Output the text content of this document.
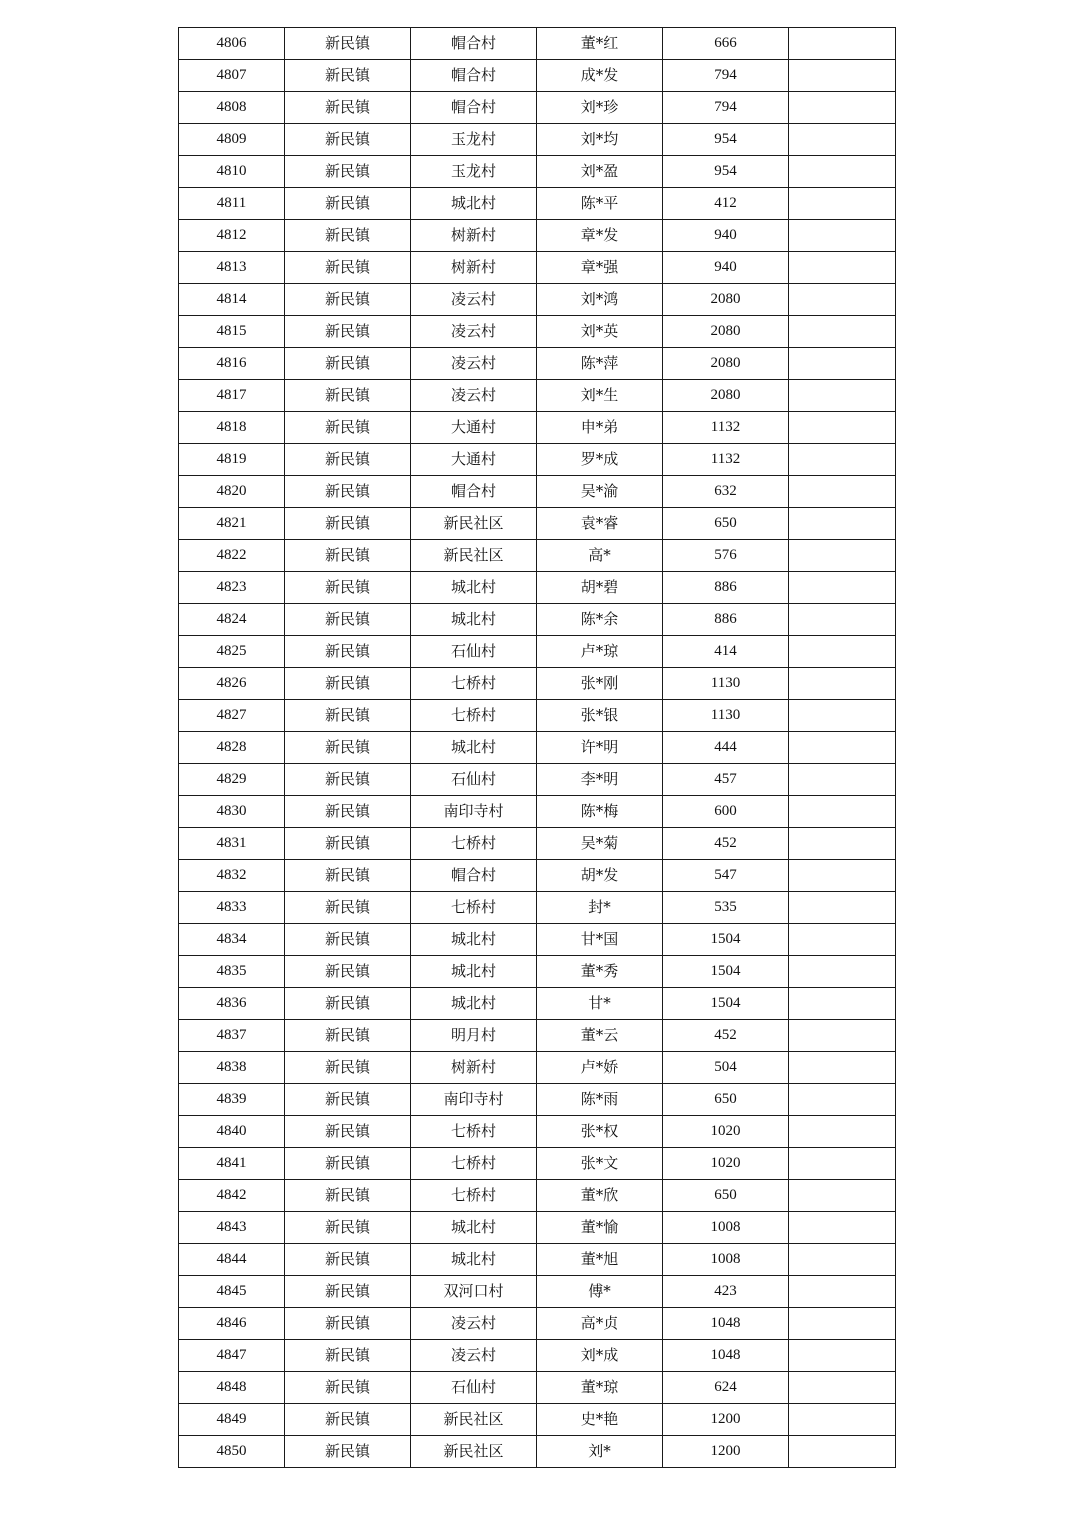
4806	新民镇	帽合村	董*红	666	
4807	新民镇	帽合村	成*发	794	
4808	新民镇	帽合村	刘*珍	794	
4809	新民镇	玉龙村	刘*均	954	
4810	新民镇	玉龙村	刘*盈	954	
4811	新民镇	城北村	陈*平	412	
4812	新民镇	树新村	章*发	940	
4813	新民镇	树新村	章*强	940	
4814	新民镇	凌云村	刘*鸿	2080	
4815	新民镇	凌云村	刘*英	2080	
4816	新民镇	凌云村	陈*萍	2080	
4817	新民镇	凌云村	刘*生	2080	
4818	新民镇	大通村	申*弟	1132	
4819	新民镇	大通村	罗*成	1132	
4820	新民镇	帽合村	吴*渝	632	
4821	新民镇	新民社区	袁*睿	650	
4822	新民镇	新民社区	高*	576	
4823	新民镇	城北村	胡*碧	886	
4824	新民镇	城北村	陈*余	886	
4825	新民镇	石仙村	卢*琼	414	
4826	新民镇	七桥村	张*刚	1130	
4827	新民镇	七桥村	张*银	1130	
4828	新民镇	城北村	许*明	444	
4829	新民镇	石仙村	李*明	457	
4830	新民镇	南印寺村	陈*梅	600	
4831	新民镇	七桥村	吴*菊	452	
4832	新民镇	帽合村	胡*发	547	
4833	新民镇	七桥村	封*	535	
4834	新民镇	城北村	甘*国	1504	
4835	新民镇	城北村	董*秀	1504	
4836	新民镇	城北村	甘*	1504	
4837	新民镇	明月村	董*云	452	
4838	新民镇	树新村	卢*娇	504	
4839	新民镇	南印寺村	陈*雨	650	
4840	新民镇	七桥村	张*权	1020	
4841	新民镇	七桥村	张*文	1020	
4842	新民镇	七桥村	董*欣	650	
4843	新民镇	城北村	董*愉	1008	
4844	新民镇	城北村	董*旭	1008	
4845	新民镇	双河口村	傅*	423	
4846	新民镇	凌云村	高*贞	1048	
4847	新民镇	凌云村	刘*成	1048	
4848	新民镇	石仙村	董*琼	624	
4849	新民镇	新民社区	史*艳	1200	
4850	新民镇	新民社区	刘*	1200	
